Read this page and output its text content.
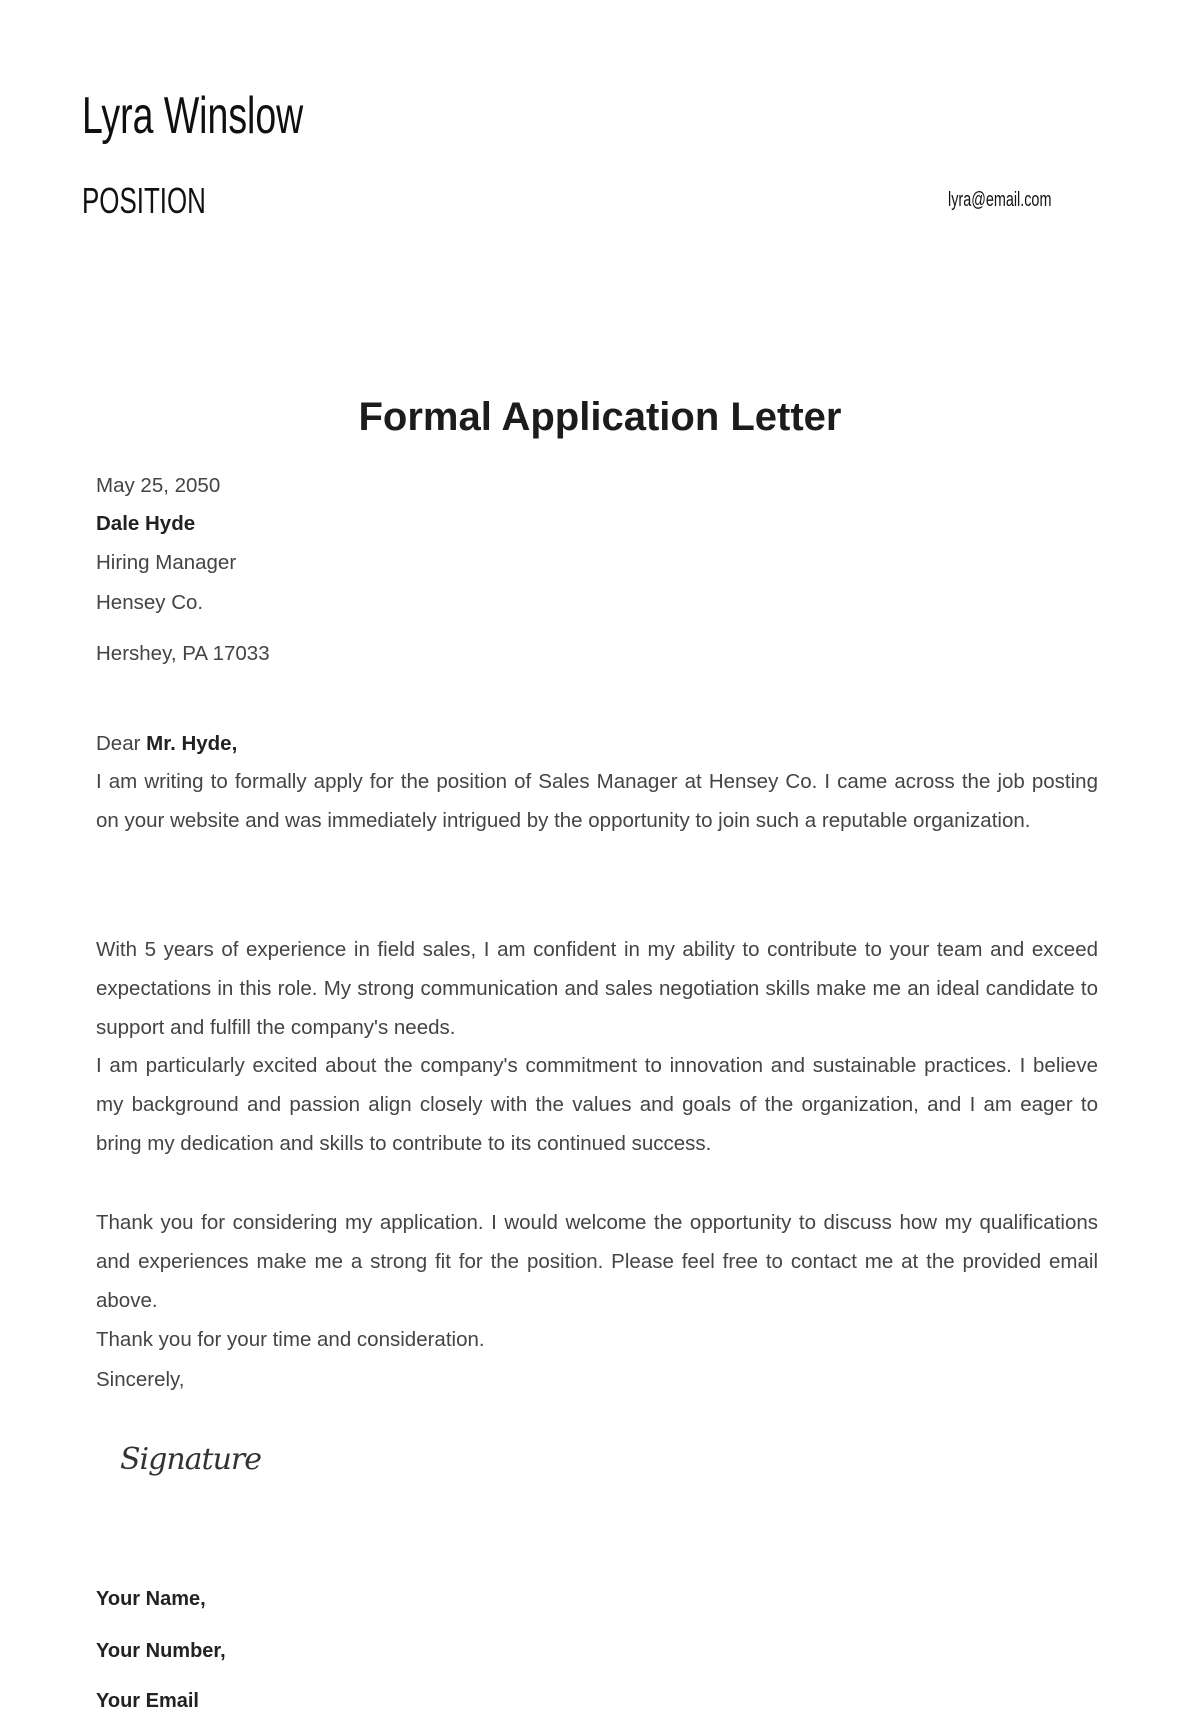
Lyra Winslow
POSITION	lyra@email.com
Formal Application Letter
May 25, 2050
Dale Hyde
Hiring Manager
Hensey Co.
Hershey, PA 17033
Dear Mr. Hyde,

I am writing to formally apply for the position of Sales Manager at Hensey Co. I came across the job posting on your website and was immediately intrigued by the opportunity to join such a reputable organization.

With 5 years of experience in field sales, I am confident in my ability to contribute to your team and exceed expectations in this role. My strong communication and sales negotiation skills make me an ideal candidate to support and fulfill the company's needs.

I am particularly excited about the company's commitment to innovation and sustainable practices. I believe my background and passion align closely with the values and goals of the organization, and I am eager to bring my dedication and skills to contribute to its continued success.

Thank you for considering my application. I would welcome the opportunity to discuss how my qualifications and experiences make me a strong fit for the position. Please feel free to contact me at the provided email above.

Thank you for your time and consideration.

Sincerely,
Signature
Your Name,
Your Number,
Your Email
